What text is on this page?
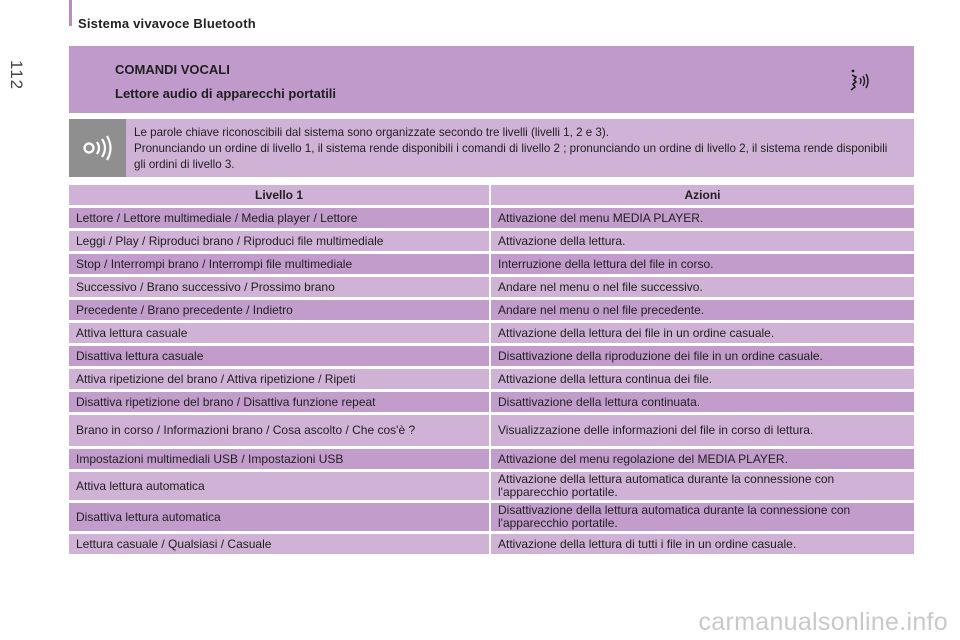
Sistema vivavoce Bluetooth
112	COMANDI VOCALI
Lettore audio di apparecchi portatili

Le parole chiave riconoscibili dal sistema sono organizzate secondo tre livelli (livelli 1, 2 e 3).

Pronunciando un ordine di livello 1, il sistema rende disponibili i comandi di livello 2 ; pronunciando un ordine di livello 2, il sistema rende disponibili gli ordini di livello 3.

Livello 1	Azioni
Lettore / Lettore multimediale / Media player / Lettore	Attivazione del menu MEDIA PLAYER.
Leggi / Play / Riproduci brano / Riproduci file multimediale	Attivazione della lettura.
Stop / Interrompi brano / Interrompi file multimediale	Interruzione della lettura del file in corso.
Successivo / Brano successivo / Prossimo brano	Andare nel menu o nel file successivo.
Precedente / Brano precedente / Indietro	Andare nel menu o nel file precedente.
Attiva lettura casuale	Attivazione della lettura dei file in un ordine casuale.
Disattiva lettura casuale	Disattivazione della riproduzione dei file in un ordine casuale.
Attiva ripetizione del brano / Attiva ripetizione / Ripeti	Attivazione della lettura continua dei file.
Disattiva ripetizione del brano / Disattiva funzione repeat	Disattivazione della lettura continuata.
Brano in corso / Informazioni brano / Cosa ascolto / Che cos'è ?	Visualizzazione delle informazioni del file in corso di lettura.
Impostazioni multimediali USB / Impostazioni USB	Attivazione del menu regolazione del MEDIA PLAYER.
Attiva lettura automatica	Attivazione della lettura automatica durante la connessione con l'apparecchio portatile.
Disattiva lettura automatica	Disattivazione della lettura automatica durante la connessione con l'apparecchio portatile.
Lettura casuale / Qualsiasi / Casuale	Attivazione della lettura di tutti i file in un ordine casuale.
carmanualsonline.info
